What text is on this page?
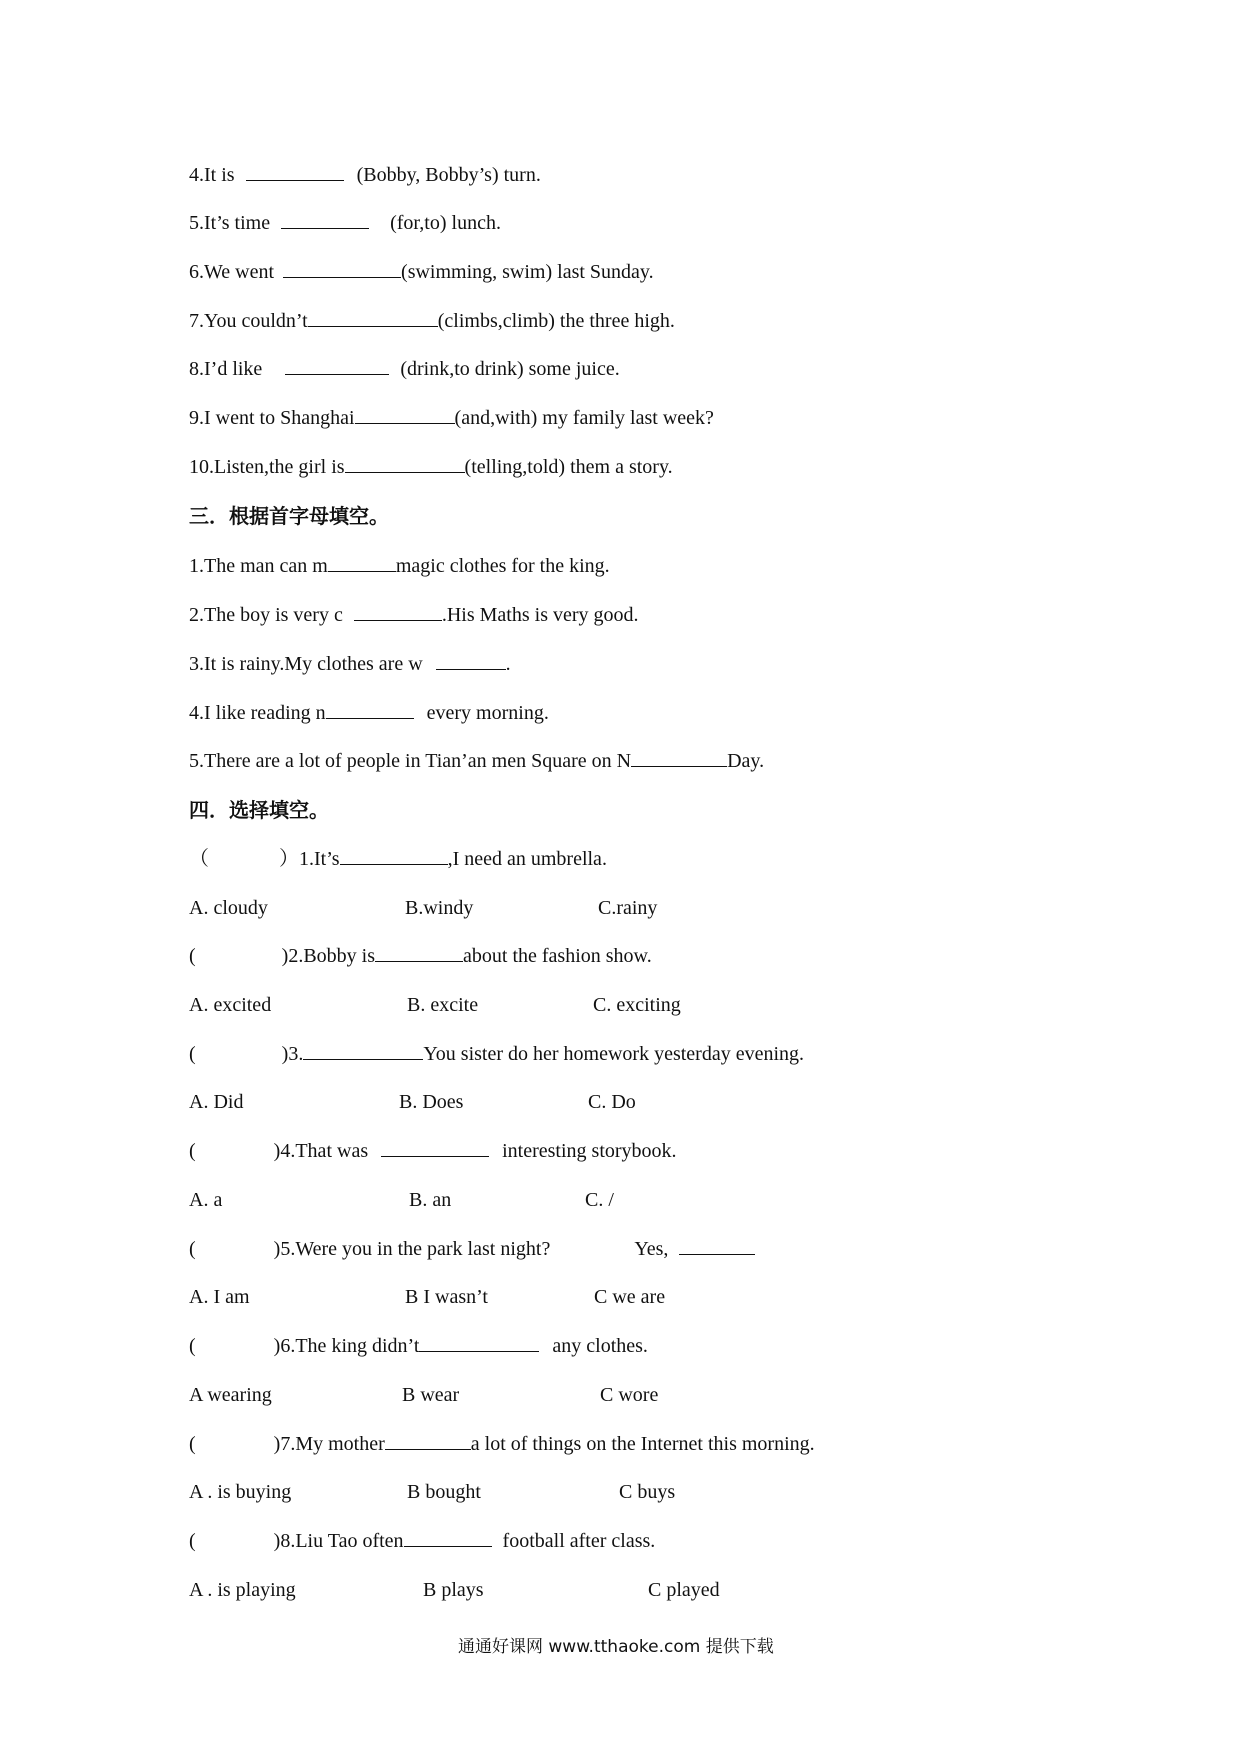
4.It is	(Bobby, Bobby’s) turn.
5.It’s time	(for,to) lunch.
6.We went	(swimming, swim) last Sunday.
7.You couldn’t	(climbs,climb) the three high.
8.I’d like	(drink,to drink) some juice.
9.I went to Shanghai	(and,with) my family last week?
10.Listen,the girl is	(telling,told) them a story.
三．根据首字母填空。
1.The man can m	magic clothes for the king.
2.The boy is very c	.His Maths is very good.
3.It is rainy.My clothes are w	.
4.I like reading n	every morning.
5.There are a lot of people in Tian’an men Square on N	Day.
四．选择填空。
（	）1.It’s	,I need an umbrella.
A. cloudy	B.windy	C.rainy
(	)2.Bobby is	about the fashion show.
A. excited	B. excite	C. exciting
(	)3.	You sister do her homework yesterday evening.
A. Did	B. Does	C. Do
(	)4.That was	interesting storybook.
A. a	B. an	C. /
(	)5.Were you in the park last night?	Yes,
A. I am	B I wasn’t	C we are
(	)6.The king didn’t	any clothes.
A wearing	B wear	C wore
(	)7.My mother	a lot of things on the Internet this morning.
A . is buying	B bought	C buys
(	)8.Liu Tao often	football after class.
A . is playing	B plays	C played
通通好课网 www.tthaoke.com 提供下载
